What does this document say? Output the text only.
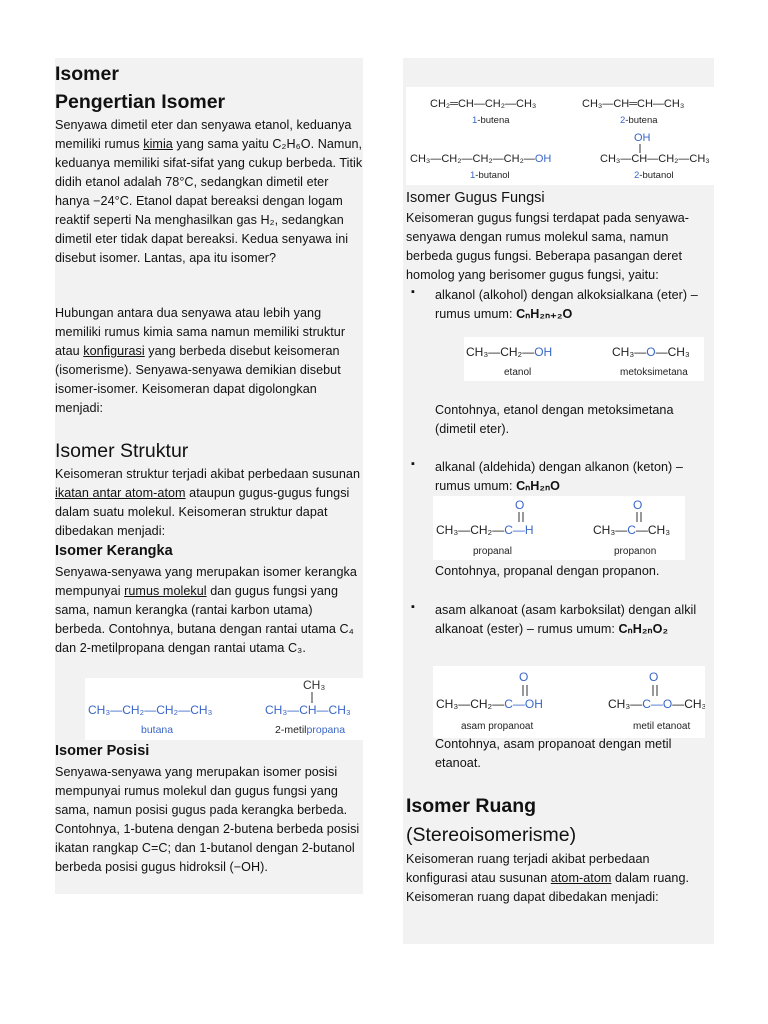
Isomer
Pengertian Isomer

Senyawa dimetil eter dan senyawa etanol, keduanya memiliki rumus kimia yang sama yaitu C₂H₆O. Namun, keduanya memiliki sifat-sifat yang cukup berbeda. Titik didih etanol adalah 78°C, sedangkan dimetil eter hanya −24°C. Etanol dapat bereaksi dengan logam reaktif seperti Na menghasilkan gas H₂, sedangkan dimetil eter tidak dapat bereaksi. Kedua senyawa ini disebut isomer. Lantas, apa itu isomer?

Hubungan antara dua senyawa atau lebih yang memiliki rumus kimia sama namun memiliki struktur atau konfigurasi yang berbeda disebut keisomeran (isomerisme). Senyawa-senyawa demikian disebut isomer-isomer. Keisomeran dapat digolongkan menjadi:

Isomer Struktur

Keisomeran struktur terjadi akibat perbedaan susunan ikatan antar atom-atom ataupun gugus-gugus fungsi dalam suatu molekul. Keisomeran struktur dapat dibedakan menjadi:

Isomer Kerangka

Senyawa-senyawa yang merupakan isomer kerangka mempunyai rumus molekul dan gugus fungsi yang sama, namun kerangka (rantai karbon utama) berbeda. Contohnya, butana dengan rantai utama C₄ dan 2-metilpropana dengan rantai utama C₃.

CH₃—CH₂—CH₂—CH₃
butana
CH₃
CH₃—CH—CH₃
2-metilpropana
Isomer Posisi

Senyawa-senyawa yang merupakan isomer posisi mempunyai rumus molekul dan gugus fungsi yang sama, namun posisi gugus pada kerangka berbeda. Contohnya, 1-butena dengan 2-butena berbeda posisi ikatan rangkap C=C; dan 1-butanol dengan 2-butanol berbeda posisi gugus hidroksil (−OH).

CH₂═CH—CH₂—CH₃
1-butena
CH₃—CH═CH—CH₃
2-butena
OH
CH₃—CH₂—CH₂—CH₂—OH
1-butanol
CH₃—CH—CH₂—CH₃
2-butanol
Isomer Gugus Fungsi

Keisomeran gugus fungsi terdapat pada senyawa-senyawa dengan rumus molekul sama, namun berbeda gugus fungsi. Beberapa pasangan deret homolog yang berisomer gugus fungsi, yaitu:

▪ alkanol (alkohol) dengan alkoksialkana (eter) – rumus umum: CₙH₂ₙ₊₂O

CH₃—CH₂—OH
etanol
CH₃—O—CH₃
metoksimetana

Contohnya, etanol dengan metoksimetana (dimetil eter).

▪ alkanal (aldehida) dengan alkanon (keton) – rumus umum: CₙH₂ₙO

O
CH₃—CH₂—C—H
propanal
O
CH₃—C—CH₃
propanon

Contohnya, propanal dengan propanon.

▪ asam alkanoat (asam karboksilat) dengan alkil alkanoat (ester) – rumus umum: CₙH₂ₙO₂

O
CH₃—CH₂—C—OH
asam propanoat
O
CH₃—C—O—CH₃
metil etanoat

Contohnya, asam propanoat dengan metil etanoat.

Isomer Ruang
(Stereoisomerisme)

Keisomeran ruang terjadi akibat perbedaan konfigurasi atau susunan atom-atom dalam ruang. Keisomeran ruang dapat dibedakan menjadi:
